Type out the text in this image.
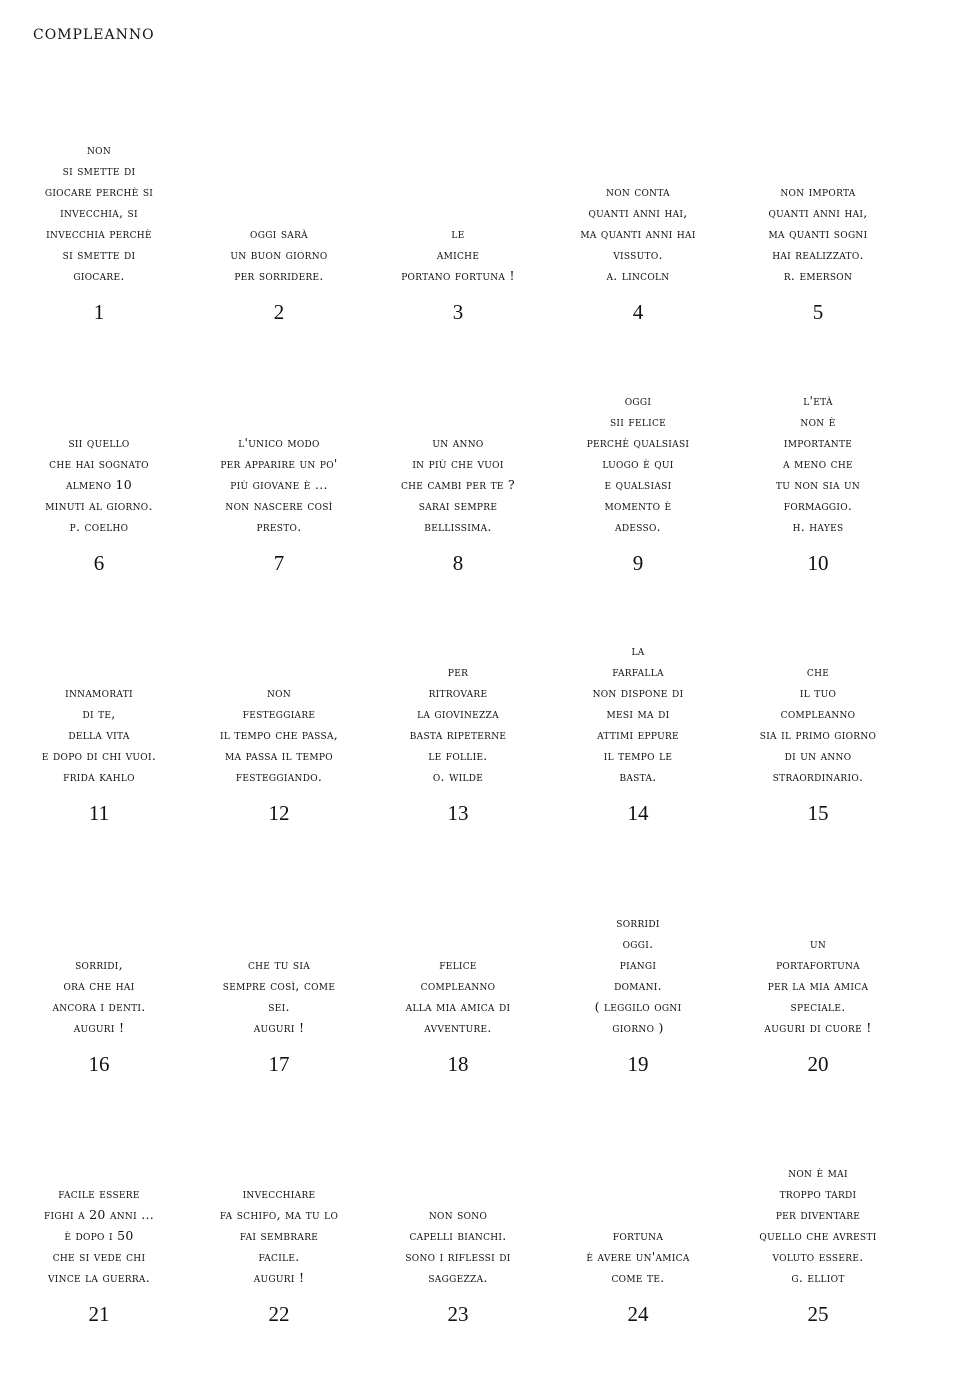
compleanno
non
si smette di
giocare perchè si
invecchia, si
invecchia perchè
si smette di
giocare.
1
oggi sarà
un buon giorno
per sorridere.
2
le
amiche
portano fortuna !
3
non conta
quanti anni hai,
ma quanti anni hai
vissuto.
a. lincoln
4
non importa
quanti anni hai,
ma quanti sogni
hai realizzato.
r. emerson
5
sii quello
che hai sognato
almeno 10
minuti al giorno.
p. coelho
6
l'unico modo
per apparire un po'
più giovane è ...
non nascere così
presto.
7
un anno
in più che vuoi
che cambi per te ?
sarai sempre
bellissima.
8
oggi
sii felice
perchè qualsiasi
luogo è qui
e qualsiasi
momento è
adesso.
9
l'età
non è
importante
a meno che
tu non sia un
formaggio.
h. hayes
10
innamorati
di te,
della vita
e dopo di chi vuoi.
frida kahlo
11
non
festeggiare
il tempo che passa,
ma passa il tempo
festeggiando.
12
per
ritrovare
la giovinezza
basta ripeterne
le follie.
o. wilde
13
la
farfalla
non dispone di
mesi ma di
attimi eppure
il tempo le
basta.
14
che
il tuo
compleanno
sia il primo giorno
di un anno
straordinario.
15
sorridi,
ora che hai
ancora i denti.
auguri !
16
che tu sia
sempre così, come
sei.
auguri !
17
felice
compleanno
alla mia amica di
avventure.
18
sorridi
oggi.
piangi
domani.
( leggilo ogni
giorno )
19
un
portafortuna
per la mia amica
speciale.
auguri di cuore !
20
facile essere
fighi a 20 anni ...
è dopo i 50
che si vede chi
vince la guerra.
21
invecchiare
fa schifo, ma tu lo
fai sembrare
facile.
auguri !
22
non sono
capelli bianchi.
sono i riflessi di
saggezza.
23
fortuna
è avere un'amica
come te.
24
non è mai
troppo tardi
per diventare
quello che avresti
voluto essere.
g. elliot
25
